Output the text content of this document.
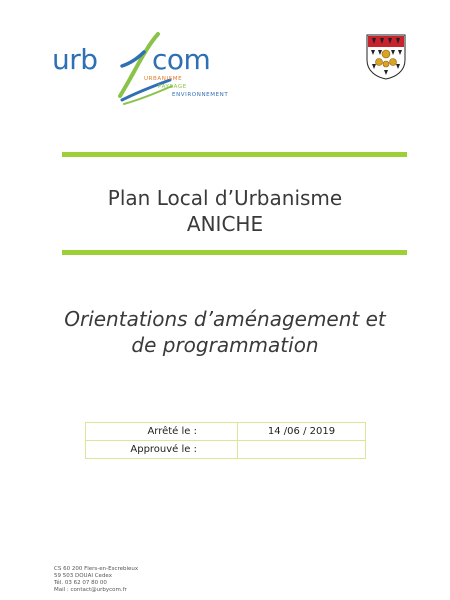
urb com
URBANISME
PAYSAGE
ENVIRONNEMENT
Plan Local d’Urbanisme
ANICHE
Orientations d’aménagement et
de programmation
Arrêté le :	14 /06 / 2019
Approuvé le :	
CS 60 200 Flers-en-Escrebieux
59 503 DOUAI Cedex
Tél. 03 62 07 80 00
Mail : contact@urbycom.fr
